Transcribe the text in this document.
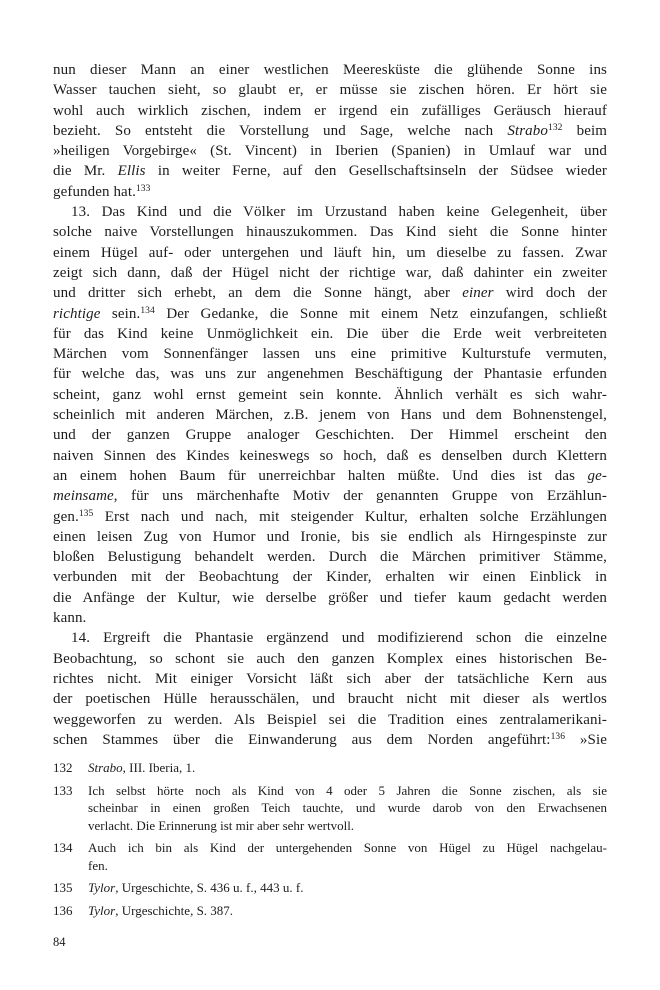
nun dieser Mann an einer westlichen Meeresküste die glühende Sonne ins
Wasser tauchen sieht, so glaubt er, er müsse sie zischen hören. Er hört sie
wohl auch wirklich zischen, indem er irgend ein zufälliges Geräusch hierauf
bezieht. So entsteht die Vorstellung und Sage, welche nach Strabo$^{132}$ beim
»heiligen Vorgebirge« (St. Vincent) in Iberien (Spanien) in Umlauf war und
die Mr. Ellis in weiter Ferne, auf den Gesellschaftsinseln der Südsee wieder
gefunden hat.$^{133}$
13. Das Kind und die Völker im Urzustand haben keine Gelegenheit, über
solche naive Vorstellungen hinauszukommen. Das Kind sieht die Sonne hinter
einem Hügel auf- oder untergehen und läuft hin, um dieselbe zu fassen. Zwar
zeigt sich dann, daß der Hügel nicht der richtige war, daß dahinter ein zweiter
und dritter sich erhebt, an dem die Sonne hängt, aber einer wird doch der
richtige sein.$^{134}$ Der Gedanke, die Sonne mit einem Netz einzufangen, schließt
für das Kind keine Unmöglichkeit ein. Die über die Erde weit verbreiteten
Märchen vom Sonnenfänger lassen uns eine primitive Kulturstufe vermuten,
für welche das, was uns zur angenehmen Beschäftigung der Phantasie erfunden
scheint, ganz wohl ernst gemeint sein konnte. Ähnlich verhält es sich wahr-
scheinlich mit anderen Märchen, z.B. jenem von Hans und dem Bohnenstengel,
und der ganzen Gruppe analoger Geschichten. Der Himmel erscheint den
naiven Sinnen des Kindes keineswegs so hoch, daß es denselben durch Klettern
an einem hohen Baum für unerreichbar halten müßte. Und dies ist das ge-
meinsame, für uns märchenhafte Motiv der genannten Gruppe von Erzählun-
gen.$^{135}$ Erst nach und nach, mit steigender Kultur, erhalten solche Erzählungen
einen leisen Zug von Humor und Ironie, bis sie endlich als Hirngespinste zur
bloßen Belustigung behandelt werden. Durch die Märchen primitiver Stämme,
verbunden mit der Beobachtung der Kinder, erhalten wir einen Einblick in
die Anfänge der Kultur, wie derselbe größer und tiefer kaum gedacht werden
kann.
14. Ergreift die Phantasie ergänzend und modifizierend schon die einzelne
Beobachtung, so schont sie auch den ganzen Komplex eines historischen Be-
richtes nicht. Mit einiger Vorsicht läßt sich aber der tatsächliche Kern aus
der poetischen Hülle herausschälen, und braucht nicht mit dieser als wertlos
weggeworfen zu werden. Als Beispiel sei die Tradition eines zentralamerikani-
schen Stammes über die Einwanderung aus dem Norden angeführt:$^{136}$ »Sie
132	Strabo, III. Iberia, 1.
133	Ich selbst hörte noch als Kind von 4 oder 5 Jahren die Sonne zischen, als sie
scheinbar in einen großen Teich tauchte, und wurde darob von den Erwachsenen
verlacht. Die Erinnerung ist mir aber sehr wertvoll.
134	Auch ich bin als Kind der untergehenden Sonne von Hügel zu Hügel nachgelau-
fen.
135	Tylor, Urgeschichte, S. 436 u. f., 443 u. f.
136	Tylor, Urgeschichte, S. 387.
84
